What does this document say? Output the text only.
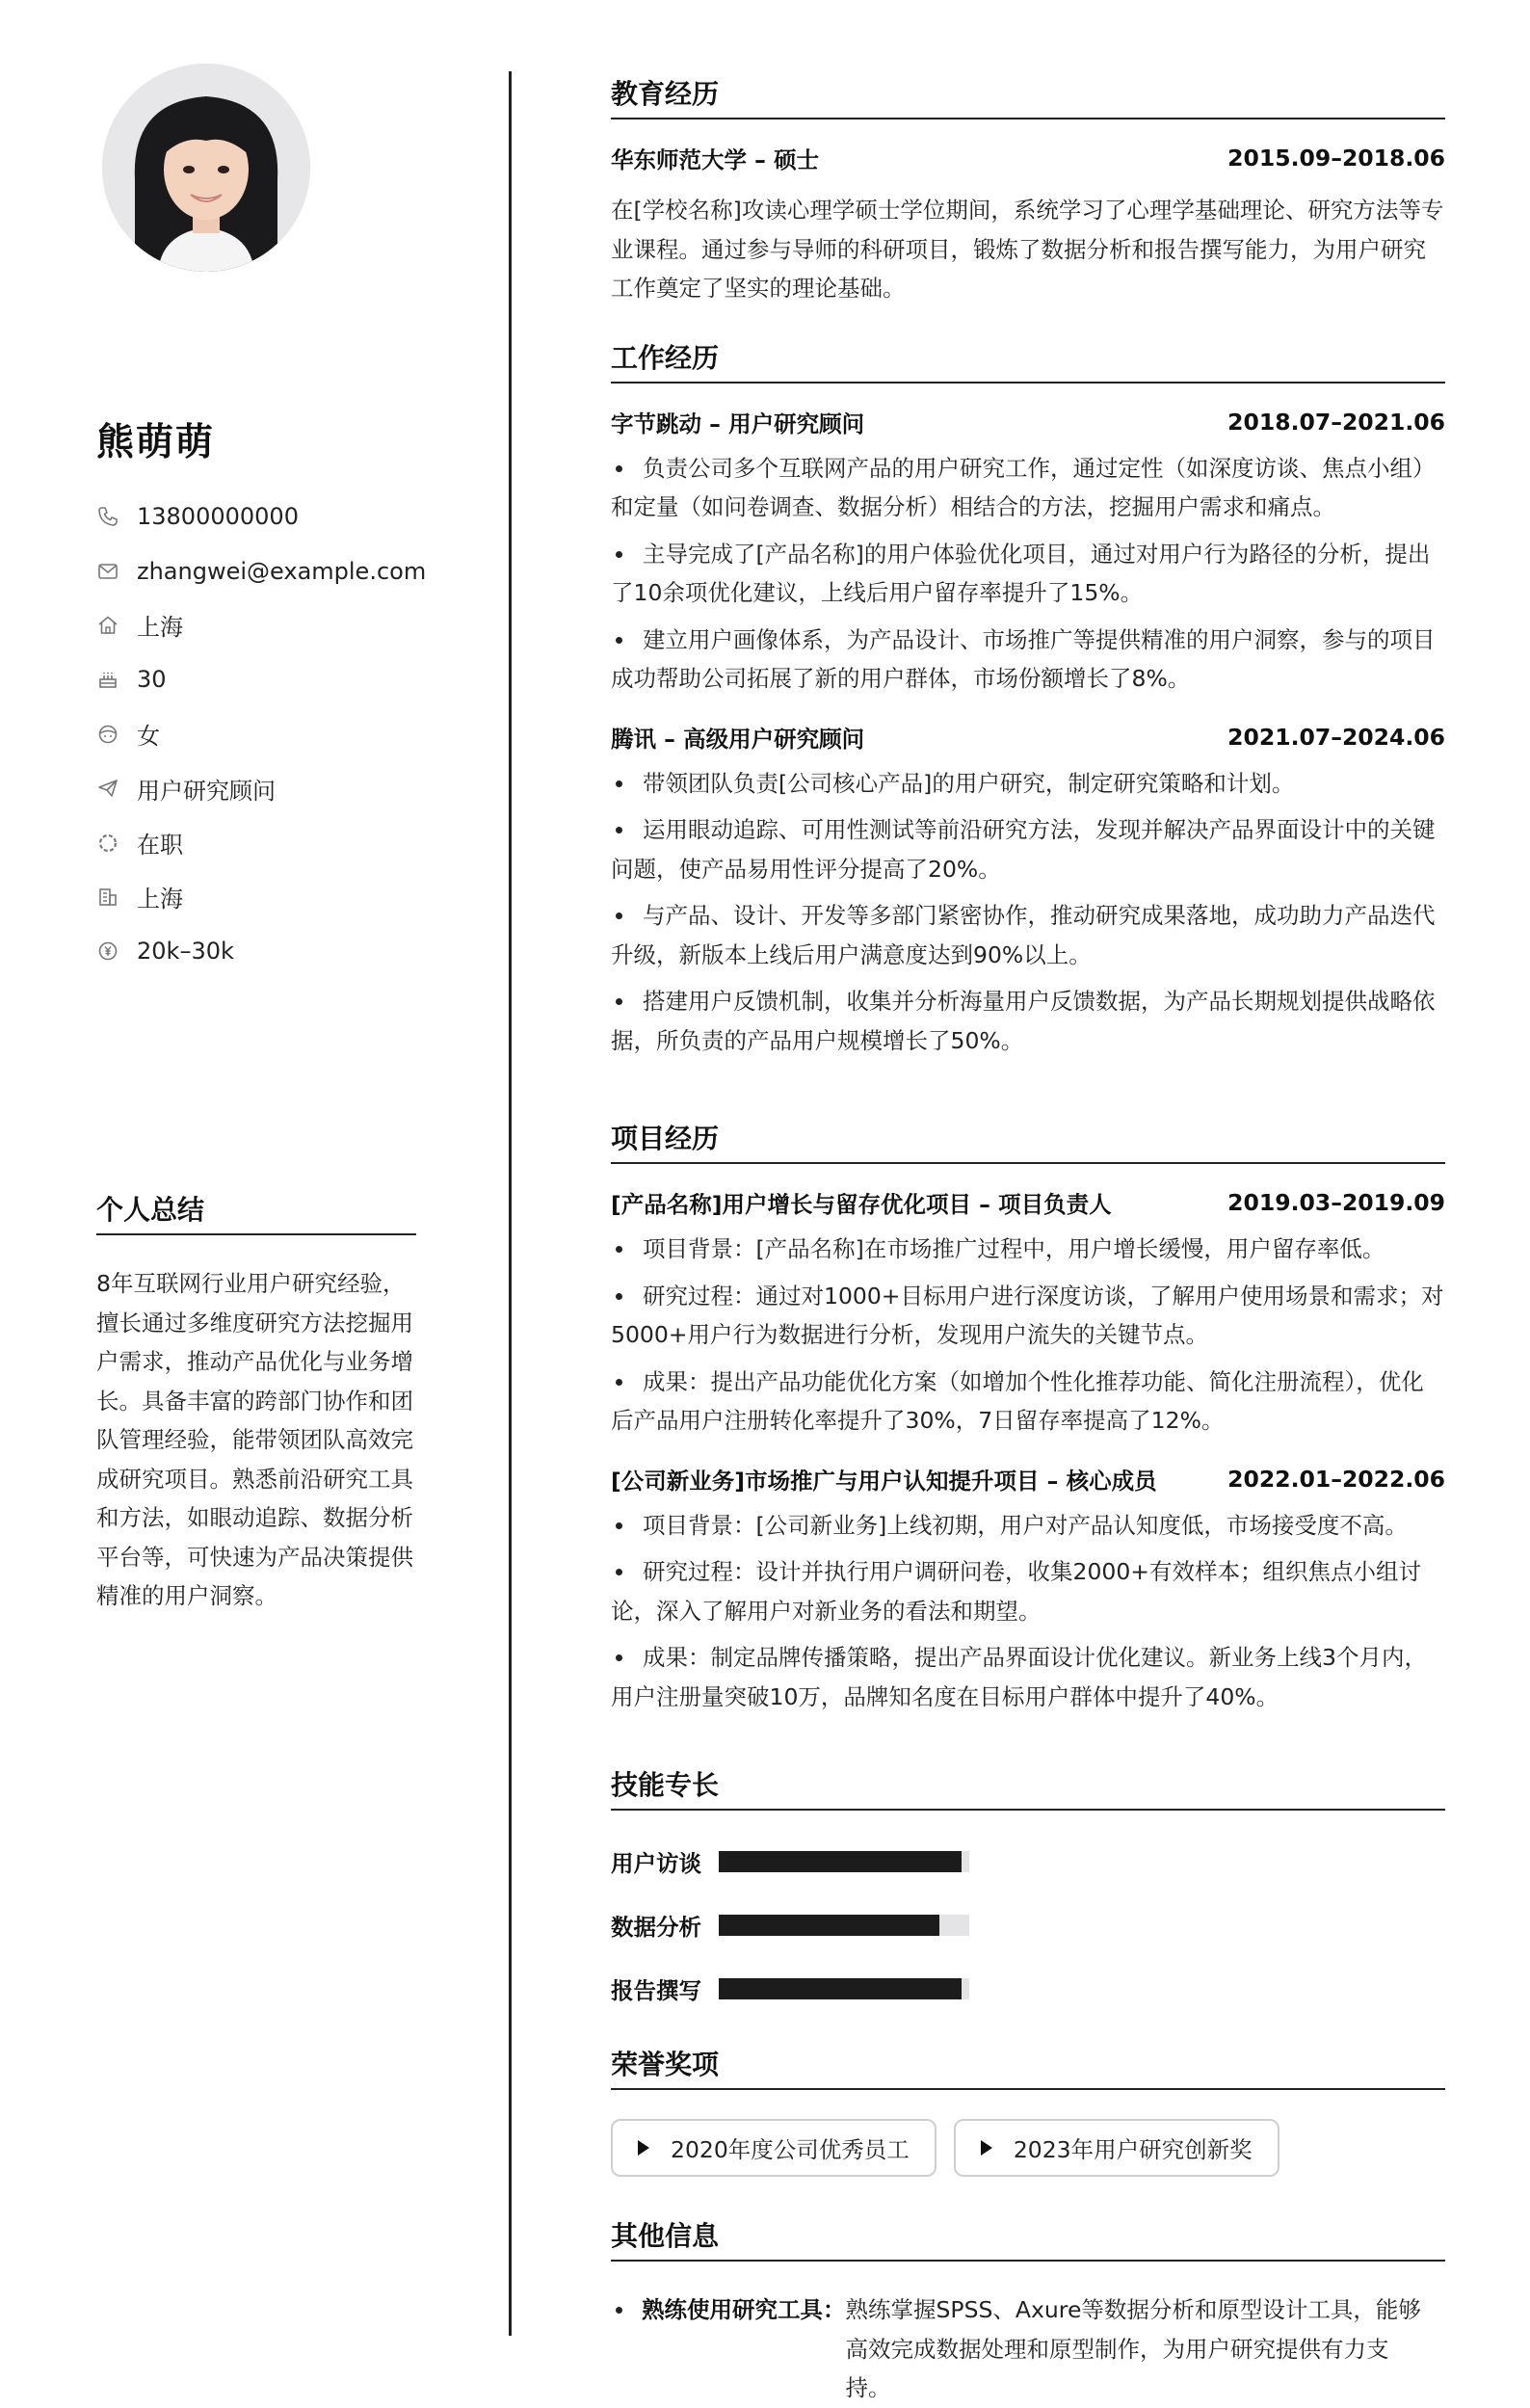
熊萌萌
13800000000
zhangwei@example.com
上海
30
女
用户研究顾问
在职
上海
20k–30k
个人总结
8年互联网行业用户研究经验，擅长通过多维度研究方法挖掘用户需求，推动产品优化与业务增长。具备丰富的跨部门协作和团队管理经验，能带领团队高效完成研究项目。熟悉前沿研究工具和方法，如眼动追踪、数据分析平台等，可快速为产品决策提供精准的用户洞察。
教育经历
华东师范大学 – 硕士	2015.09–2018.06

在[学校名称]攻读心理学硕士学位期间，系统学习了心理学基础理论、研究方法等专业课程。通过参与导师的科研项目，锻炼了数据分析和报告撰写能力，为用户研究工作奠定了坚实的理论基础。

工作经历
字节跳动 – 用户研究顾问	2018.07–2021.06
负责公司多个互联网产品的用户研究工作，通过定性（如深度访谈、焦点小组）和定量（如问卷调查、数据分析）相结合的方法，挖掘用户需求和痛点。
主导完成了[产品名称]的用户体验优化项目，通过对用户行为路径的分析，提出了10余项优化建议，上线后用户留存率提升了15%。
建立用户画像体系，为产品设计、市场推广等提供精准的用户洞察，参与的项目成功帮助公司拓展了新的用户群体，市场份额增长了8%。
腾讯 – 高级用户研究顾问	2021.07–2024.06
带领团队负责[公司核心产品]的用户研究，制定研究策略和计划。
运用眼动追踪、可用性测试等前沿研究方法，发现并解决产品界面设计中的关键问题，使产品易用性评分提高了20%。
与产品、设计、开发等多部门紧密协作，推动研究成果落地，成功助力产品迭代升级，新版本上线后用户满意度达到90%以上。
搭建用户反馈机制，收集并分析海量用户反馈数据，为产品长期规划提供战略依据，所负责的产品用户规模增长了50%。
项目经历
[产品名称]用户增长与留存优化项目 – 项目负责人	2019.03–2019.09
项目背景：[产品名称]在市场推广过程中，用户增长缓慢，用户留存率低。
研究过程：通过对1000+目标用户进行深度访谈，了解用户使用场景和需求；对5000+用户行为数据进行分析，发现用户流失的关键节点。
成果：提出产品功能优化方案（如增加个性化推荐功能、简化注册流程），优化后产品用户注册转化率提升了30%，7日留存率提高了12%。
[公司新业务]市场推广与用户认知提升项目 – 核心成员	2022.01–2022.06
项目背景：[公司新业务]上线初期，用户对产品认知度低，市场接受度不高。
研究过程：设计并执行用户调研问卷，收集2000+有效样本；组织焦点小组讨论，深入了解用户对新业务的看法和期望。
成果：制定品牌传播策略，提出产品界面设计优化建议。新业务上线3个月内，用户注册量突破10万，品牌知名度在目标用户群体中提升了40%。
技能专长
用户访谈
数据分析
报告撰写
荣誉奖项
2020年度公司优秀员工	2023年用户研究创新奖
其他信息
熟练使用研究工具： 熟练掌握SPSS、Axure等数据分析和原型设计工具，能够高效完成数据处理和原型制作，为用户研究提供有力支持。
